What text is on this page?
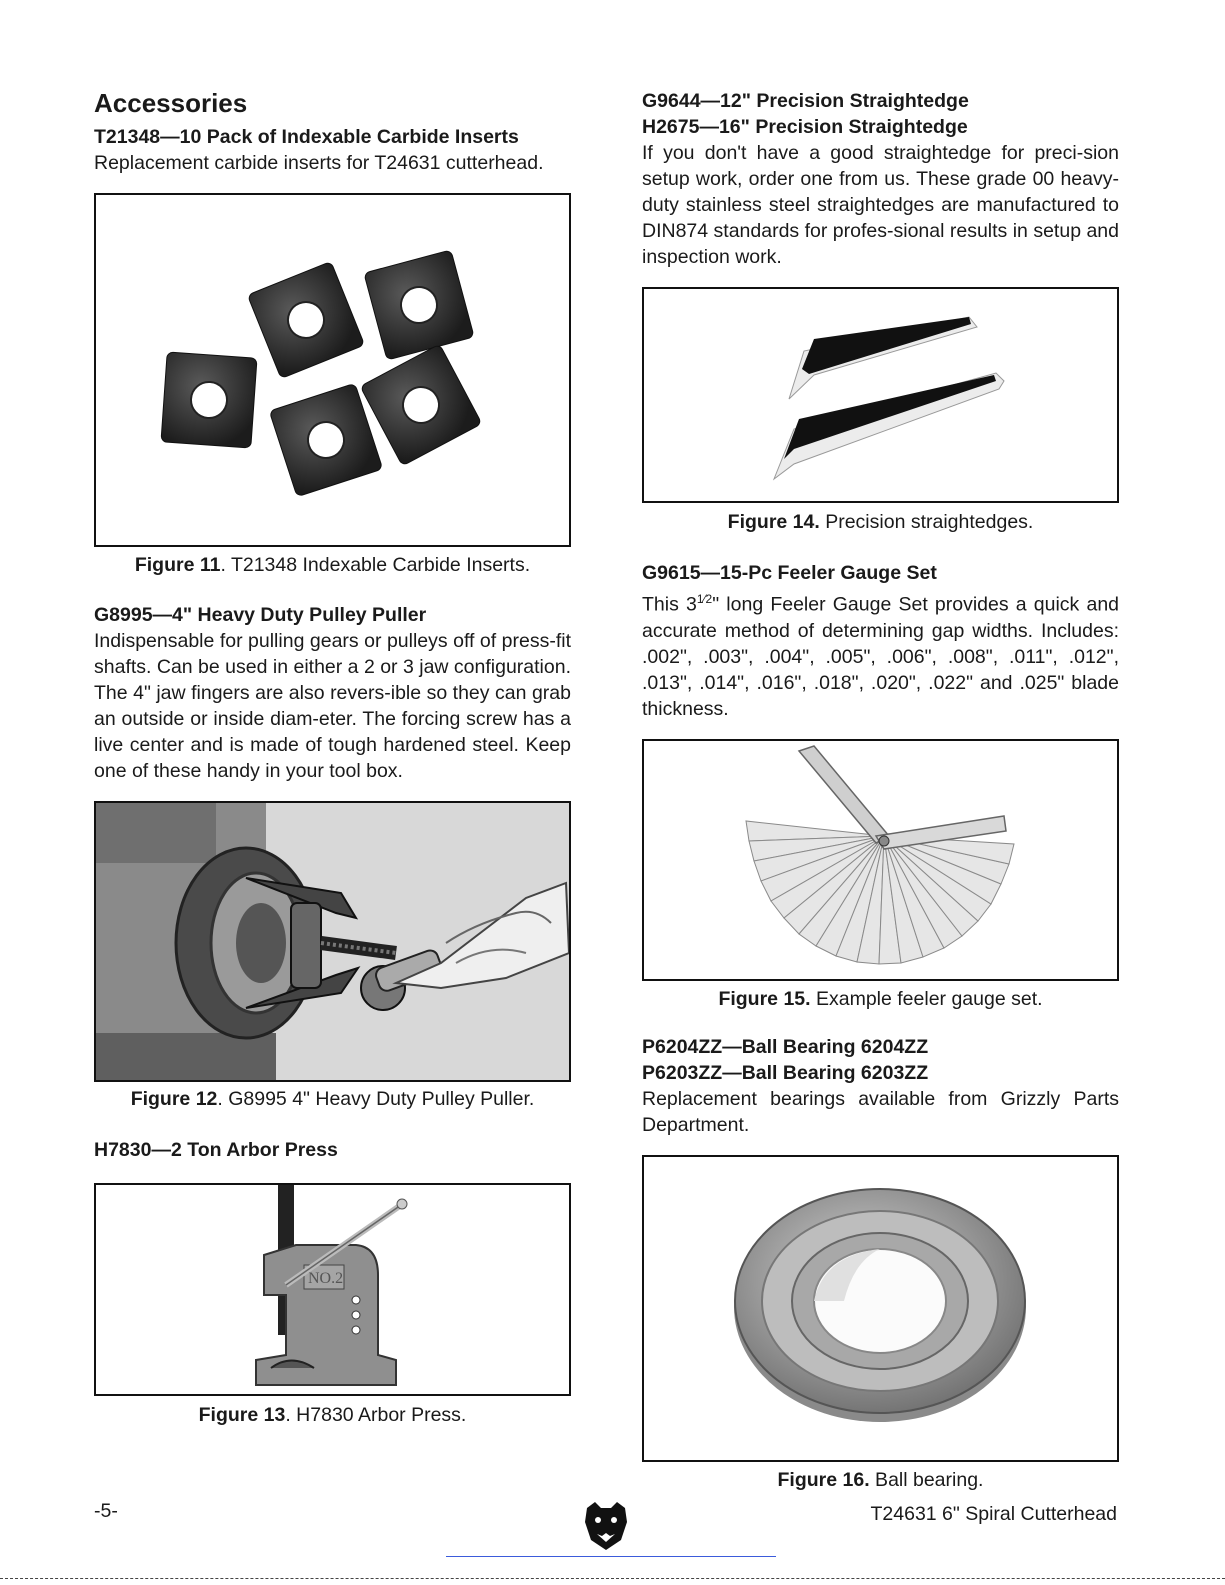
Accessories

T21348—10 Pack of Indexable Carbide Inserts

Replacement carbide inserts for T24631 cutterhead.

Figure 11. T21348 Indexable Carbide Inserts.

G8995—4" Heavy Duty Pulley Puller

Indispensable for pulling gears or pulleys off of press-fit shafts. Can be used in either a 2 or 3 jaw configuration. The 4" jaw fingers are also revers-ible so they can grab an outside or inside diam-eter. The forcing screw has a live center and is made of tough hardened steel. Keep one of these handy in your tool box.

Figure 12. G8995 4" Heavy Duty Pulley Puller.

H7830—2 Ton Arbor Press

NO.2

Figure 13. H7830 Arbor Press.

G9644—12" Precision Straightedge

H2675—16" Precision Straightedge

If you don't have a good straightedge for preci-sion setup work, order one from us. These grade 00 heavy-duty stainless steel straightedges are manufactured to DIN874 standards for profes-sional results in setup and inspection work.

Figure 14. Precision straightedges.

G9615—15-Pc Feeler Gauge Set

This $3^{1⁄2}$" long Feeler Gauge Set provides a quick and accurate method of determining gap widths. Includes: .002", .003", .004", .005", .006", .008", .011", .012", .013", .014", .016", .018", .020", .022" and .025" blade thickness.

Figure 15. Example feeler gauge set.

P6204ZZ—Ball Bearing 6204ZZ

P6203ZZ—Ball Bearing 6203ZZ

Replacement bearings available from Grizzly Parts Department.

Figure 16. Ball bearing.

-5-	T24631 6" Spiral Cutterhead
